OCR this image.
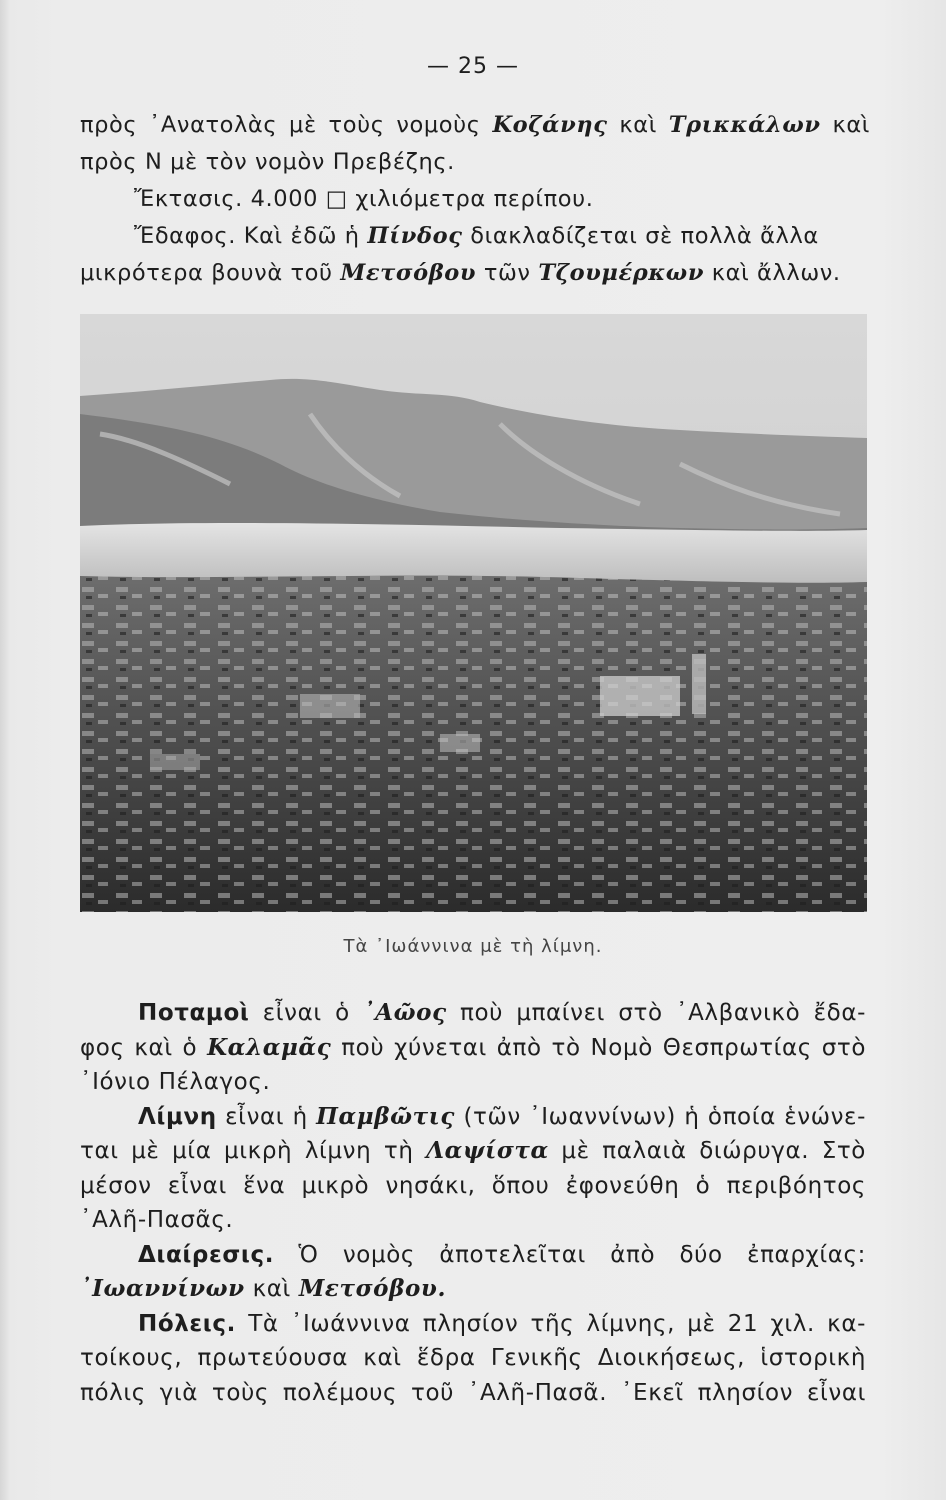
— 25 —
πρὸς ᾿Ανατολὰς μὲ τοὺς νομοὺς Κοζάνης καὶ Τρικκάλων καὶ
πρὸς Ν μὲ τὸν νομὸν Πρεβέζης.
Ἔκτασις. 4.000 □ χιλιόμετρα περίπου.
Ἔδαφος. Καὶ ἐδῶ ἡ Πίνδος διακλαδίζεται σὲ πολλὰ ἄλλα
μικρότερα βουνὰ τοῦ Μετσόβου τῶν Τζουμέρκων καὶ ἄλλων.
Τὰ ᾿Ιωάννινα μὲ τὴ λίμνη.
Ποταμοὶ εἶναι ὁ ᾿Αῶος ποὺ μπαίνει στὸ ᾿Αλβανικὸ ἔδα-
φος καὶ ὁ Καλαμᾶς ποὺ χύνεται ἀπὸ τὸ Νομὸ Θεσπρωτίας στὸ
᾿Ιόνιο Πέλαγος.
Λίμνη εἶναι ἡ Παμβῶτις (τῶν ᾿Ιωαννίνων) ἡ ὁποία ἑνώνε-
ται μὲ μία μικρὴ λίμνη τὴ Λαψίστα μὲ παλαιὰ διώρυγα. Στὸ
μέσον εἶναι ἕνα μικρὸ νησάκι, ὅπου ἐφονεύθη ὁ περιβόητος
᾿Αλῆ-Πασᾶς.
Διαίρεσις. Ὁ νομὸς ἀποτελεῖται ἀπὸ δύο ἐπαρχίας:
᾿Ιωαννίνων καὶ Μετσόβου.
Πόλεις. Τὰ ᾿Ιωάννινα πλησίον τῆς λίμνης, μὲ 21 χιλ. κα-
τοίκους, πρωτεύουσα καὶ ἕδρα Γενικῆς Διοικήσεως, ἱστορικὴ
πόλις γιὰ τοὺς πολέμους τοῦ ᾿Αλῆ-Πασᾶ. ᾿Εκεῖ πλησίον εἶναι
